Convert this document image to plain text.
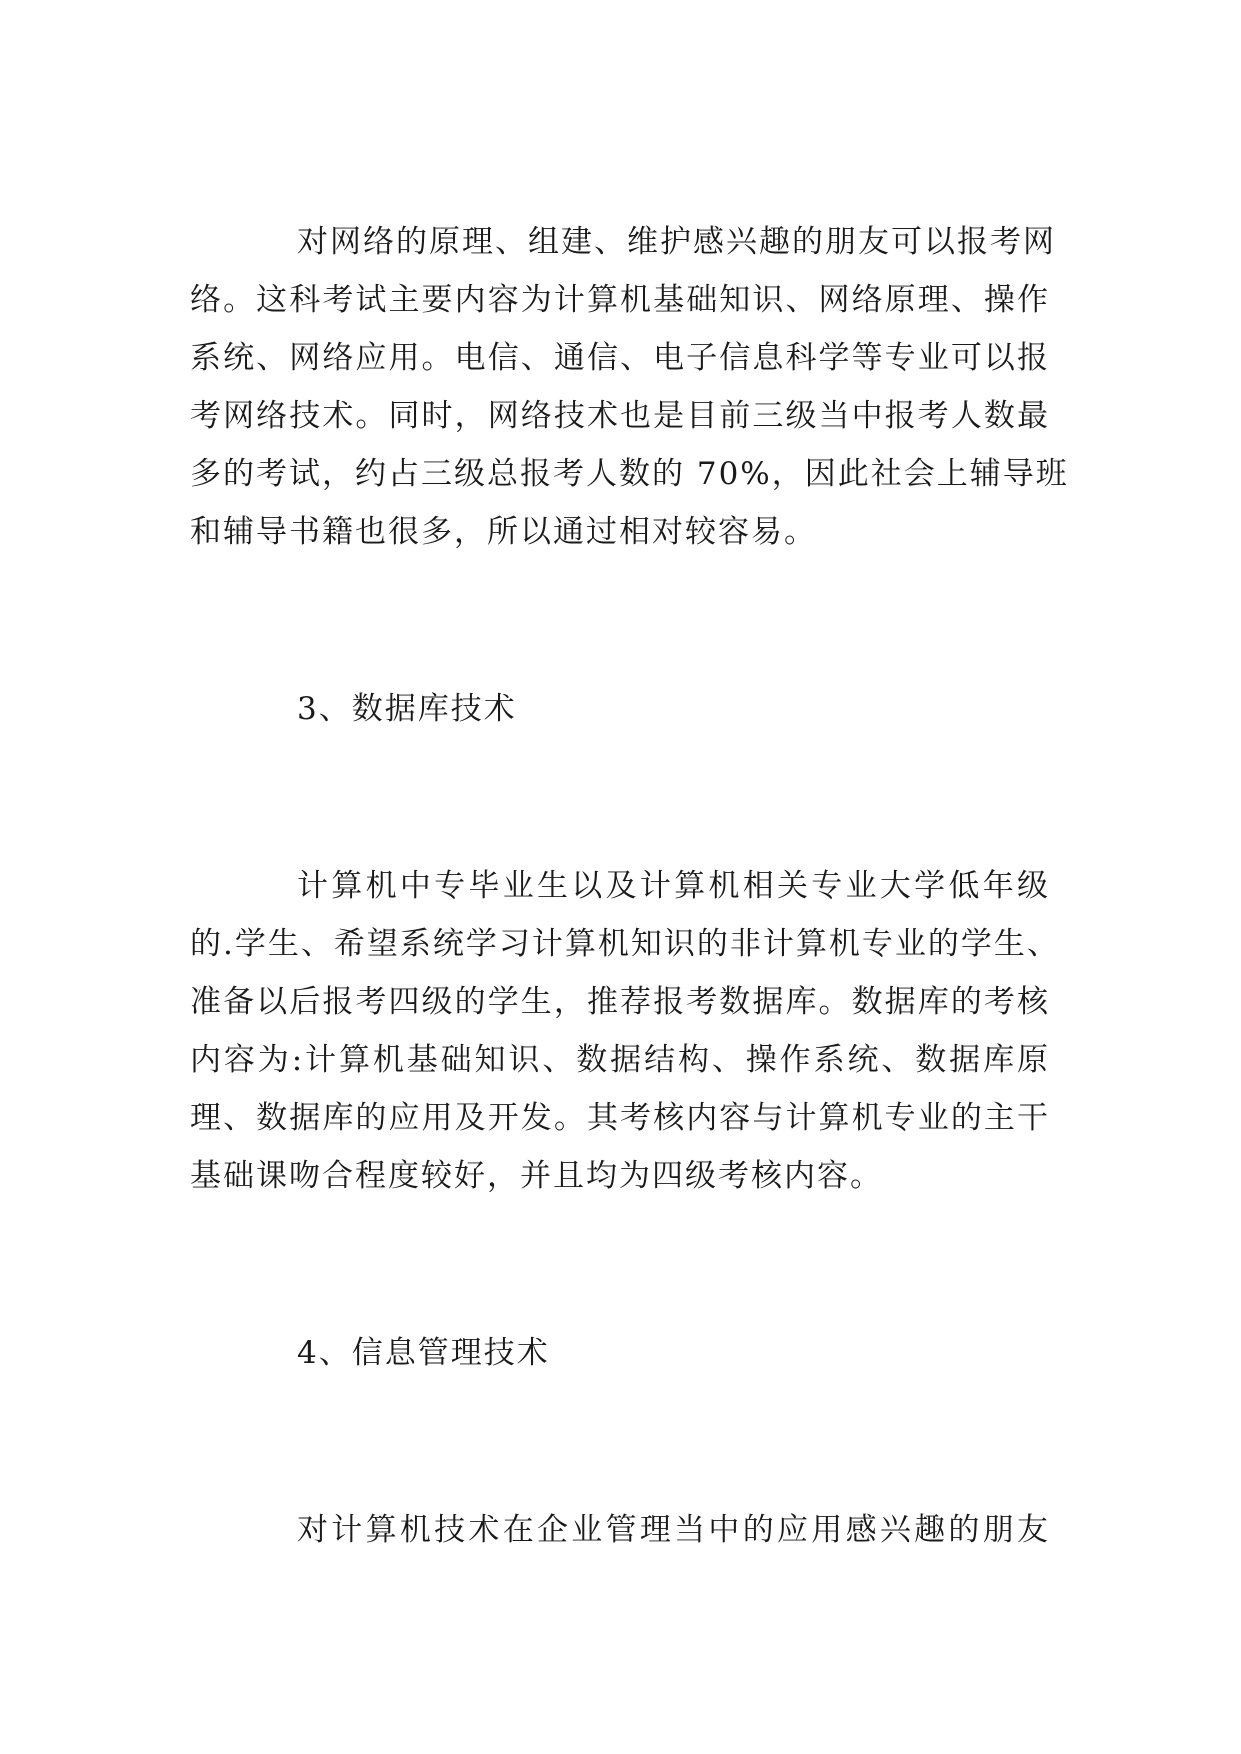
对网络的原理、组建、维护感兴趣的朋友可以报考网
络。这科考试主要内容为计算机基础知识、网络原理、操作
系统、网络应用。电信、通信、电子信息科学等专业可以报
考网络技术。同时，网络技术也是目前三级当中报考人数最
多的考试，约占三级总报考人数的 70%，因此社会上辅导班
和辅导书籍也很多，所以通过相对较容易。
3、数据库技术
计算机中专毕业生以及计算机相关专业大学低年级
的.学生、希望系统学习计算机知识的非计算机专业的学生、
准备以后报考四级的学生，推荐报考数据库。数据库的考核
内容为:计算机基础知识、数据结构、操作系统、数据库原
理、数据库的应用及开发。其考核内容与计算机专业的主干
基础课吻合程度较好，并且均为四级考核内容。
4、信息管理技术
对计算机技术在企业管理当中的应用感兴趣的朋友
